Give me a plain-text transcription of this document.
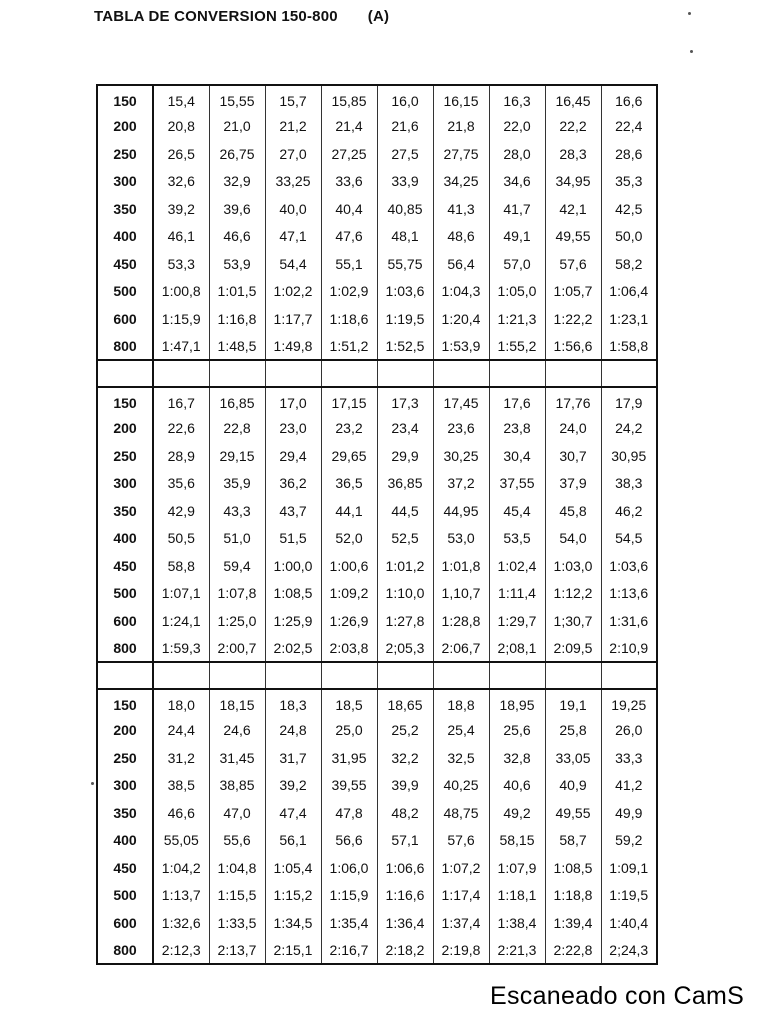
TABLA DE CONVERSION 150-800 (A)
150	15,4	15,55	15,7	15,85	16,0	16,15	16,3	16,45	16,6
200	20,8	21,0	21,2	21,4	21,6	21,8	22,0	22,2	22,4
250	26,5	26,75	27,0	27,25	27,5	27,75	28,0	28,3	28,6
300	32,6	32,9	33,25	33,6	33,9	34,25	34,6	34,95	35,3
350	39,2	39,6	40,0	40,4	40,85	41,3	41,7	42,1	42,5
400	46,1	46,6	47,1	47,6	48,1	48,6	49,1	49,55	50,0
450	53,3	53,9	54,4	55,1	55,75	56,4	57,0	57,6	58,2
500	1:00,8	1:01,5	1:02,2	1:02,9	1:03,6	1:04,3	1:05,0	1:05,7	1:06,4
600	1:15,9	1:16,8	1:17,7	1:18,6	1:19,5	1:20,4	1:21,3	1:22,2	1:23,1
800	1:47,1	1:48,5	1:49,8	1:51,2	1:52,5	1:53,9	1:55,2	1:56,6	1:58,8

150	16,7	16,85	17,0	17,15	17,3	17,45	17,6	17,76	17,9
200	22,6	22,8	23,0	23,2	23,4	23,6	23,8	24,0	24,2
250	28,9	29,15	29,4	29,65	29,9	30,25	30,4	30,7	30,95
300	35,6	35,9	36,2	36,5	36,85	37,2	37,55	37,9	38,3
350	42,9	43,3	43,7	44,1	44,5	44,95	45,4	45,8	46,2
400	50,5	51,0	51,5	52,0	52,5	53,0	53,5	54,0	54,5
450	58,8	59,4	1:00,0	1:00,6	1:01,2	1:01,8	1:02,4	1:03,0	1:03,6
500	1:07,1	1:07,8	1:08,5	1:09,2	1:10,0	1,10,7	1:11,4	1:12,2	1:13,6
600	1:24,1	1:25,0	1:25,9	1:26,9	1:27,8	1:28,8	1:29,7	1;30,7	1:31,6
800	1:59,3	2:00,7	2:02,5	2:03,8	2;05,3	2:06,7	2;08,1	2:09,5	2:10,9

150	18,0	18,15	18,3	18,5	18,65	18,8	18,95	19,1	19,25
200	24,4	24,6	24,8	25,0	25,2	25,4	25,6	25,8	26,0
250	31,2	31,45	31,7	31,95	32,2	32,5	32,8	33,05	33,3
300	38,5	38,85	39,2	39,55	39,9	40,25	40,6	40,9	41,2
350	46,6	47,0	47,4	47,8	48,2	48,75	49,2	49,55	49,9
400	55,05	55,6	56,1	56,6	57,1	57,6	58,15	58,7	59,2
450	1:04,2	1:04,8	1:05,4	1:06,0	1:06,6	1:07,2	1:07,9	1:08,5	1:09,1
500	1:13,7	1:15,5	1:15,2	1:15,9	1:16,6	1:17,4	1:18,1	1:18,8	1:19,5
600	1:32,6	1:33,5	1:34,5	1:35,4	1:36,4	1:37,4	1:38,4	1:39,4	1:40,4
800	2:12,3	2:13,7	2:15,1	2:16,7	2:18,2	2:19,8	2:21,3	2:22,8	2;24,3
Escaneado con CamS
